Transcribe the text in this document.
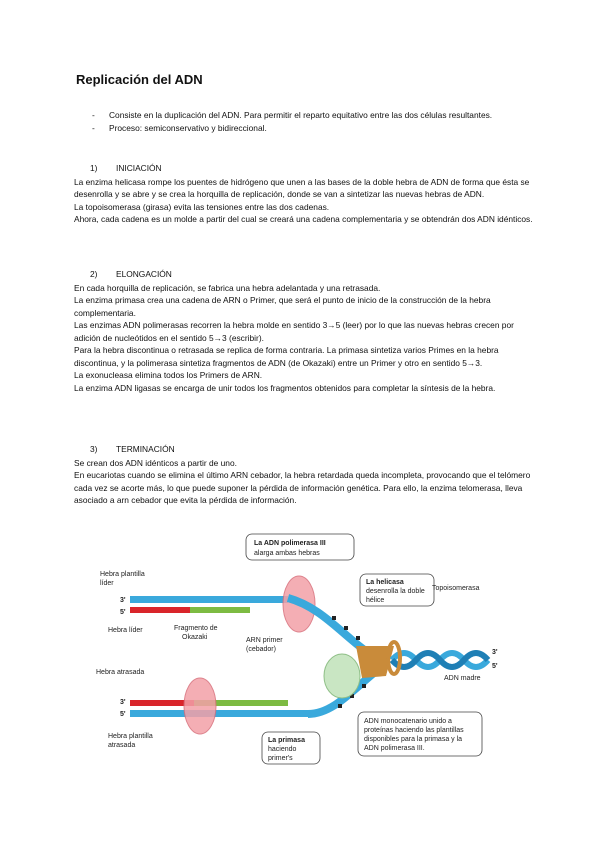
Replicación del ADN
- Consiste en la duplicación del ADN. Para permitir el reparto equitativo entre las dos células resultantes.
- Proceso: semiconservativo y bidireccional.
1) INICIACIÓN

La enzima helicasa rompe los puentes de hidrógeno que unen a las bases de la doble hebra de ADN de forma que ésta se desenrolla y se abre y se crea la horquilla de replicación, donde se van a sintetizar las nuevas hebras de ADN.

La topoisomerasa (girasa) evita las tensiones entre las dos cadenas.

Ahora, cada cadena es un molde a partir del cual se creará una cadena complementaria y se obtendrán dos ADN idénticos.

2) ELONGACIÓN

En cada horquilla de replicación, se fabrica una hebra adelantada y una retrasada.

La enzima primasa crea una cadena de ARN o Primer, que será el punto de inicio de la construcción de la hebra complementaria.

Las enzimas ADN polimerasas recorren la hebra molde en sentido 3→5 (leer) por lo que las nuevas hebras crecen por adición de nucleótidos en el sentido 5→3 (escribir).

Para la hebra discontinua o retrasada se replica de forma contraria. La primasa sintetiza varios Primes en la hebra discontinua, y la polimerasa sintetiza fragmentos de ADN (de Okazaki) entre un Primer y otro en sentido 5→3.

La exonucleasa elimina todos los Primers de ARN.

La enzima ADN ligasas se encarga de unir todos los fragmentos obtenidos para completar la síntesis de la hebra.

3) TERMINACIÓN

Se crean dos ADN idénticos a partir de uno.

En eucariotas cuando se elimina el último ARN cebador, la hebra retardada queda incompleta, provocando que el telómero cada vez se acorte más, lo que puede suponer la pérdida de información genética. Para ello, la enzima telomerasa, lleva asociado a arn cebador que evita la pérdida de información.

La ADN polimerasa III
alarga ambas hebras
La helicasa
desenrolla la doble
hélice
Topoisomerasa
Hebra plantilla
líder
3'
5'
Hebra líder	Fragmento de
Okazaki	ARN primer
(cebador)
Hebra atrasada
3'
5'
Hebra plantilla
atrasada
La primasa
haciendo
primer's
ADN monocatenario unido a
proteínas haciendo las plantillas
disponibles para la primasa y la
ADN polimerasa III.
ADN madre
3'
5'
